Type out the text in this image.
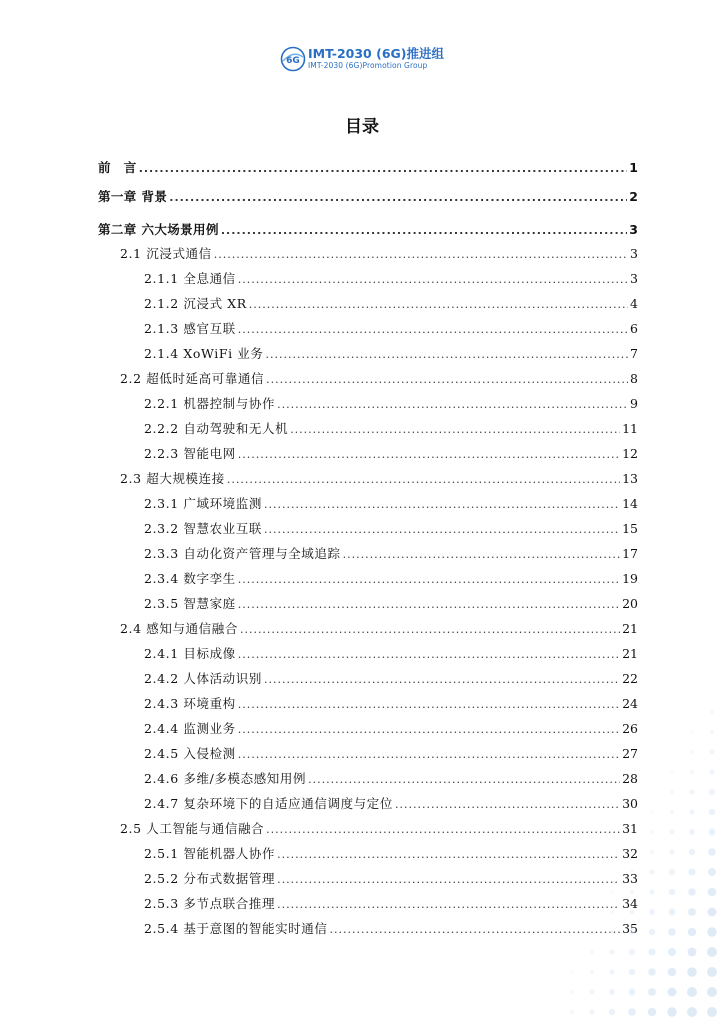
6G IMT-2030 (6G)推进组
IMT-2030 (6G)Promotion Group
目录
前　言 .....	1
第一章 背景 .....	2
第二章 六大场景用例 .....	3
2.1 沉浸式通信 .....	3
2.1.1 全息通信 .....	3
2.1.2 沉浸式 XR .....	4
2.1.3 感官互联 .....	6
2.1.4 XoWiFi 业务 .....	7
2.2 超低时延高可靠通信 .....	8
2.2.1 机器控制与协作 .....	9
2.2.2 自动驾驶和无人机 .....	11
2.2.3 智能电网 .....	12
2.3 超大规模连接 .....	13
2.3.1 广域环境监测 .....	14
2.3.2 智慧农业互联 .....	15
2.3.3 自动化资产管理与全域追踪 .....	17
2.3.4 数字孪生 .....	19
2.3.5 智慧家庭 .....	20
2.4 感知与通信融合 .....	21
2.4.1 目标成像 .....	21
2.4.2 人体活动识别 .....	22
2.4.3 环境重构 .....	24
2.4.4 监测业务 .....	26
2.4.5 入侵检测 .....	27
2.4.6 多维/多模态感知用例 .....	28
2.4.7 复杂环境下的自适应通信调度与定位 .....	30
2.5 人工智能与通信融合 .....	31
2.5.1 智能机器人协作 .....	32
2.5.2 分布式数据管理 .....	33
2.5.3 多节点联合推理 .....	34
2.5.4 基于意图的智能实时通信 .....	35
